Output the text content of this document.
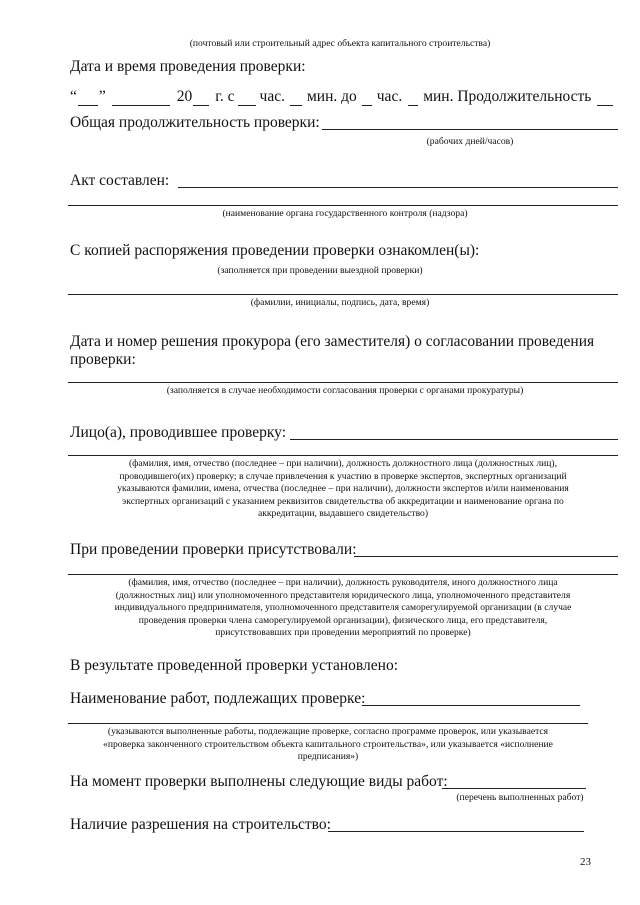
(почтовый или строительный адрес объекта капитального строительства)
Дата и время проведения проверки:
“ ”	20 г. с час. мин. до час. мин. Продолжительность
Общая продолжительность проверки:
(рабочих дней/часов)
Акт составлен:
(наименование органа государственного контроля (надзора)
С копией распоряжения проведении проверки ознакомлен(ы):
(заполняется при проведении выездной проверки)
(фамилии, инициалы, подпись, дата, время)
Дата и номер решения прокурора (его заместителя) о согласовании проведения
проверки:
(заполняется в случае необходимости согласования проверки с органами прокуратуры)
Лицо(а), проводившее проверку:
(фамилия, имя, отчество (последнее – при наличии), должность должностного лица (должностных лиц),
проводившего(их) проверку; в случае привлечения к участию в проверке экспертов, экспертных организаций
указываются фамилии, имена, отчества (последнее – при наличии), должности экспертов и/или наименования
экспертных организаций с указанием реквизитов свидетельства об аккредитации и наименование органа по
аккредитации, выдавшего свидетельство)
При проведении проверки присутствовали:
(фамилия, имя, отчество (последнее – при наличии), должность руководителя, иного должностного лица
(должностных лиц) или уполномоченного представителя юридического лица, уполномоченного представителя
индивидуального предпринимателя, уполномоченного представителя саморегулируемой организации (в случае
проведения проверки члена саморегулируемой организации), физического лица, его представителя,
присутствовавших при проведении мероприятий по проверке)
В результате проведенной проверки установлено:
Наименование работ, подлежащих проверке:
(указываются выполненные работы, подлежащие проверке, согласно программе проверок, или указывается
«проверка законченного строительством объекта капитального строительства», или указывается «исполнение
предписания»)
На момент проверки выполнены следующие виды работ:
(перечень выполненных работ)
Наличие разрешения на строительство:
23
